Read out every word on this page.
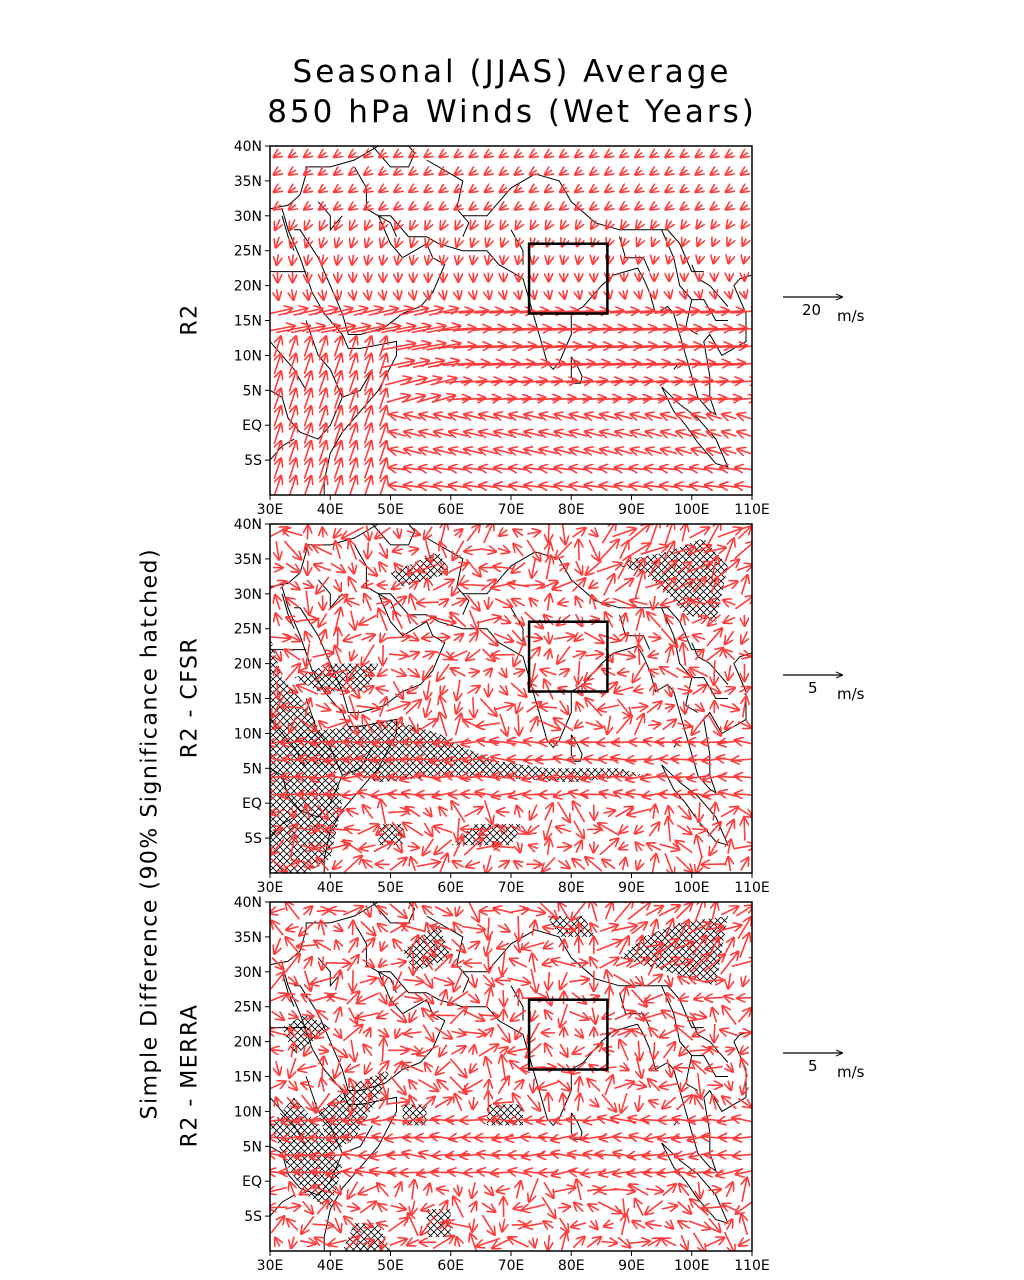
Seasonal (JJAS) Average
850 hPa Winds (Wet Years)
Simple Difference (90% Significance hatched)
R2
R2 - CFSR
R2 - MERRA
20 m/s
5 m/s
5 m/s
40N
35N
30N
25N
20N
15N
10N
5N
EQ
5S
30E 40E 50E 60E 70E 80E 90E 100E 110E
40N
35N
30N
25N
20N
15N
10N
5N
EQ
5S
30E 40E 50E 60E 70E 80E 90E 100E 110E
40N
35N
30N
25N
20N
15N
10N
5N
EQ
5S
30E 40E 50E 60E 70E 80E 90E 100E 110E
